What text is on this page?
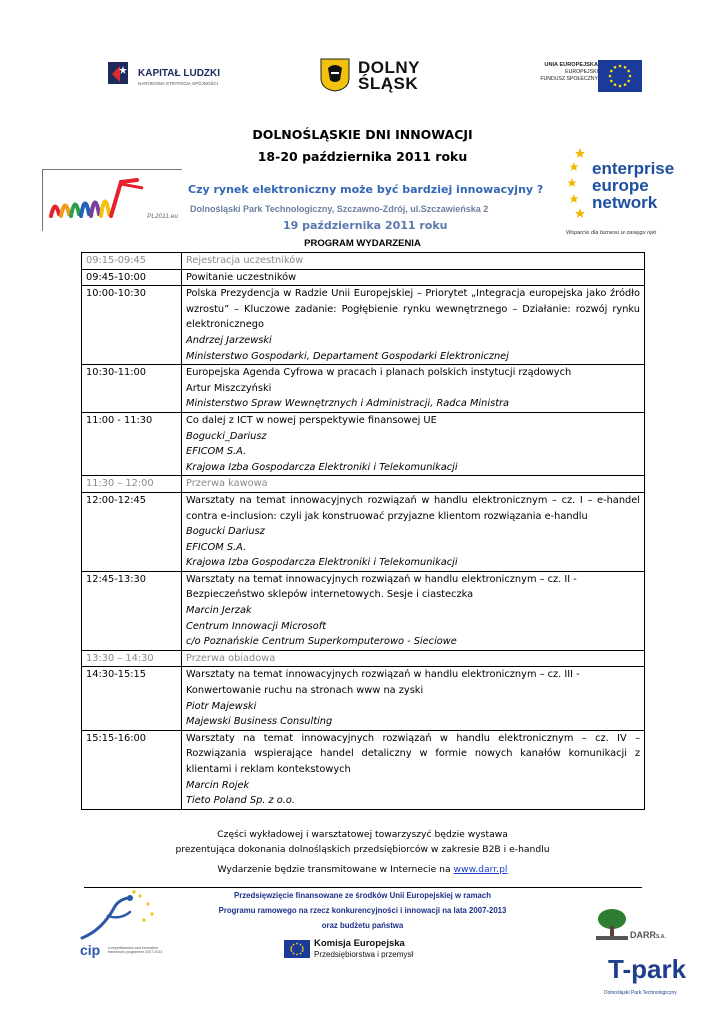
KAPITAŁ LUDZKI
NARODOWA STRATEGIA SPÓJNOŚCI
DOLNY
ŚLĄSK
UNIA EUROPEJSKA
EUROPEJSKI
FUNDUSZ SPOŁECZNY
DOLNOŚLĄSKIE DNI INNOWACJI
18-20 października 2011 roku
PL2011.eu
Czy rynek elektroniczny może być bardziej innowacyjny ?
Dolnośląski Park Technologiczny, Szczawno-Zdrój, ul.Szczawieńska 2
19 października 2011 roku
PROGRAM WYDARZENIA
enterprise
europe
network
Wsparcie dla biznesu w zasięgu ręki
09:15-09:45	Rejestracja uczestników

09:45-10:00	Powitanie uczestników

10:00-10:30	Polska Prezydencja w Radzie Unii Europejskiej – Priorytet „Integracja europejska jako źródło wzrostu” – Kluczowe zadanie: Pogłębienie rynku wewnętrznego – Działanie: rozwój rynku elektronicznego
Andrzej Jarzewski
Ministerstwo Gospodarki, Departament Gospodarki Elektronicznej

10:30-11:00	Europejska Agenda Cyfrowa w pracach i planach polskich instytucji rządowych
Artur Miszczyński
Ministerstwo Spraw Wewnętrznych i Administracji, Radca Ministra

11:00 - 11:30	Co dalej z ICT w nowej perspektywie finansowej UE
Bogucki_Dariusz
EFICOM S.A.
Krajowa Izba Gospodarcza Elektroniki i Telekomunikacji

11:30 – 12:00	Przerwa kawowa

12:00-12:45	Warsztaty na temat innowacyjnych rozwiązań w handlu elektronicznym – cz. I – e-handel contra e-inclusion: czyli jak konstruować przyjazne klientom rozwiązania e-handlu
Bogucki Dariusz
EFICOM S.A.
Krajowa Izba Gospodarcza Elektroniki i Telekomunikacji

12:45-13:30	Warsztaty na temat innowacyjnych rozwiązań w handlu elektronicznym – cz. II - Bezpieczeństwo sklepów internetowych. Sesje i ciasteczka
Marcin Jerzak
Centrum Innowacji Microsoft
c/o Poznańskie Centrum Superkomputerowo - Sieciowe

13:30 – 14:30	Przerwa obiadowa

14:30-15:15	Warsztaty na temat innowacyjnych rozwiązań w handlu elektronicznym – cz. III - Konwertowanie ruchu na stronach www na zyski
Piotr Majewski
Majewski Business Consulting

15:15-16:00	Warsztaty na temat innowacyjnych rozwiązań w handlu elektronicznym – cz. IV – Rozwiązania wspierające handel detaliczny w formie nowych kanałów komunikacji z klientami i reklam kontekstowych
Marcin Rojek
Tieto Poland Sp. z o.o.
Części wykładowej i warsztatowej towarzyszyć będzie wystawa
prezentująca dokonania dolnośląskich przedsiębiorców w zakresie B2B i e-handlu
Wydarzenie będzie transmitowane w Internecie na www.darr.pl
Przedsięwzięcie finansowane ze środków Unii Europejskiej w ramach
Programu ramowego na rzecz konkurencyjności i innowacji na lata 2007-2013
oraz budżetu państwa
cip competitiveness and innovation framework programme 2007-2013
Komisja Europejska
Przedsiębiorstwa i przemysł
DARRS.A.
T-park
Dolnośląski Park Technologiczny
